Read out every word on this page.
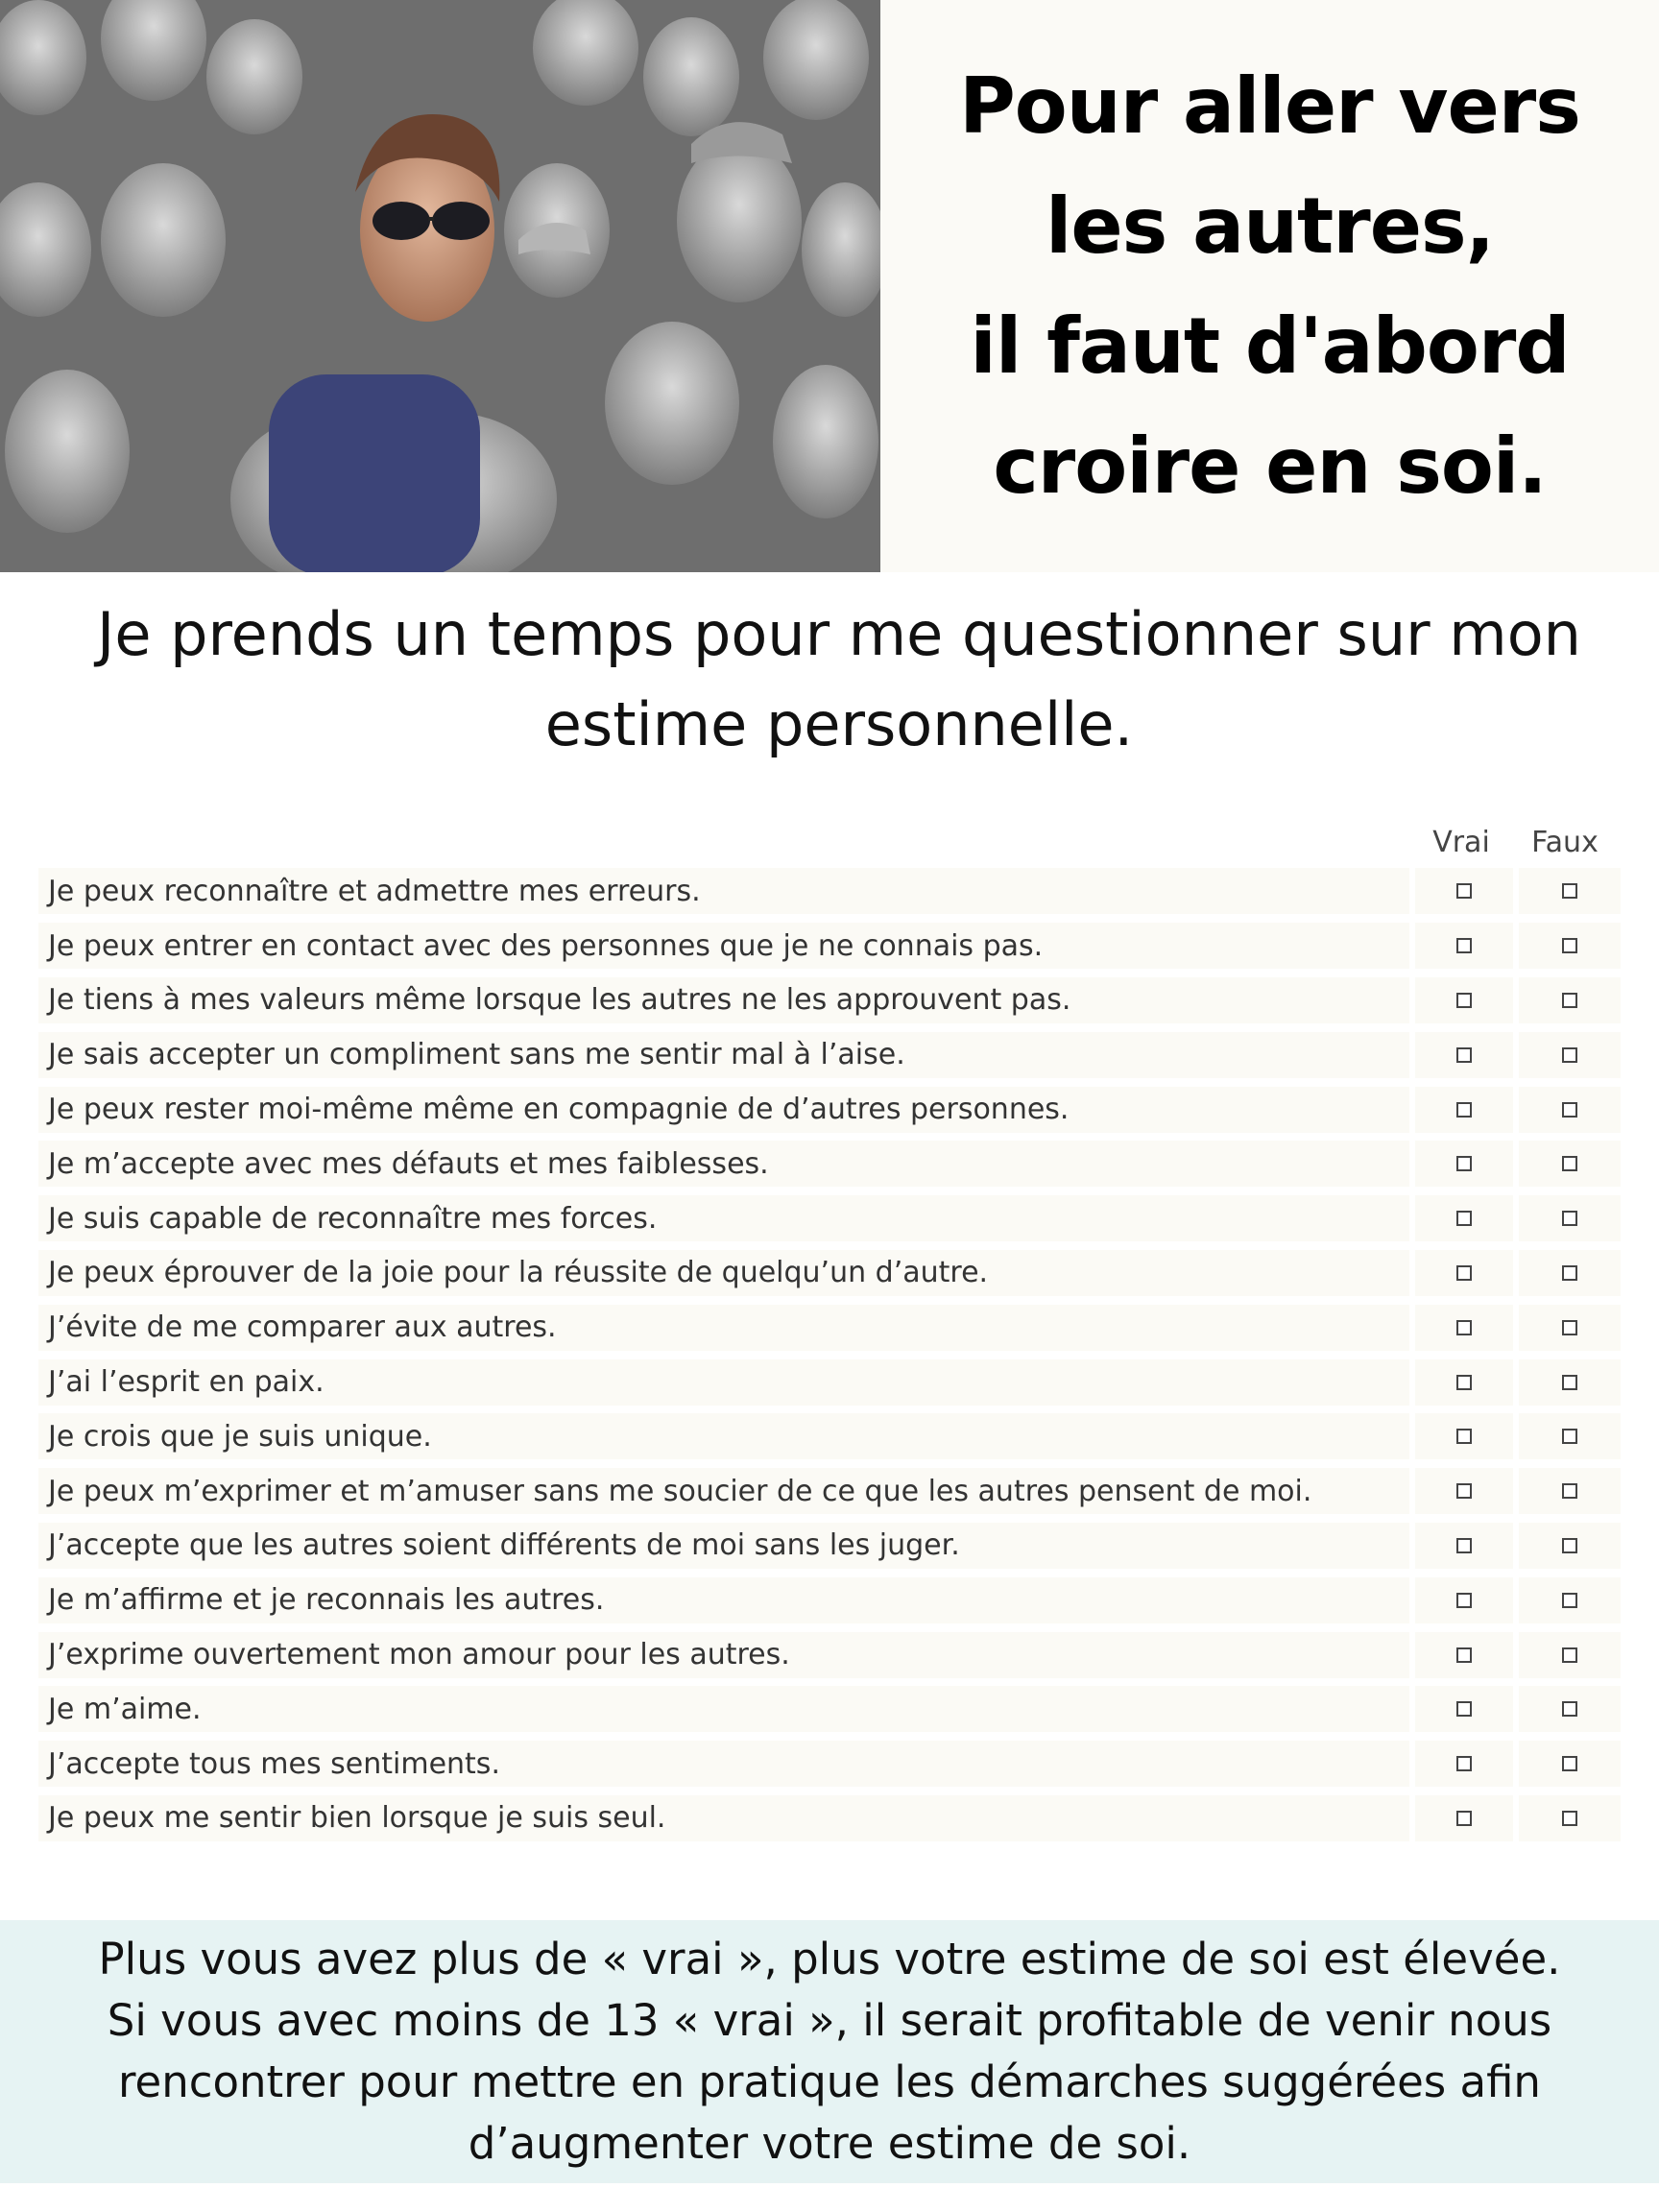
Pour aller vers
les autres,
il faut d'abord
croire en soi.

Je prends un temps pour me questionner sur mon estime personnelle.

Vrai	Faux
Je peux reconnaître et admettre mes erreurs.
Je peux entrer en contact avec des personnes que je ne connais pas.
Je tiens à mes valeurs même lorsque les autres ne les approuvent pas.
Je sais accepter un compliment sans me sentir mal à l’aise.
Je peux rester moi-même même en compagnie de d’autres personnes.
Je m’accepte avec mes défauts et mes faiblesses.
Je suis capable de reconnaître mes forces.
Je peux éprouver de la joie pour la réussite de quelqu’un d’autre.
J’évite de me comparer aux autres.
J’ai l’esprit en paix.
Je crois que je suis unique.
Je peux m’exprimer et m’amuser sans me soucier de ce que les autres pensent de moi.
J’accepte que les autres soient différents de moi sans les juger.
Je m’affirme et je reconnais les autres.
J’exprime ouvertement mon amour pour les autres.
Je m’aime.
J’accepte tous mes sentiments.
Je peux me sentir bien lorsque je suis seul.

Plus vous avez plus de « vrai », plus votre estime de soi est élevée. Si vous avec moins de 13 « vrai », il serait profitable de venir nous rencontrer pour mettre en pratique les démarches suggérées afin d’augmenter votre estime de soi.
